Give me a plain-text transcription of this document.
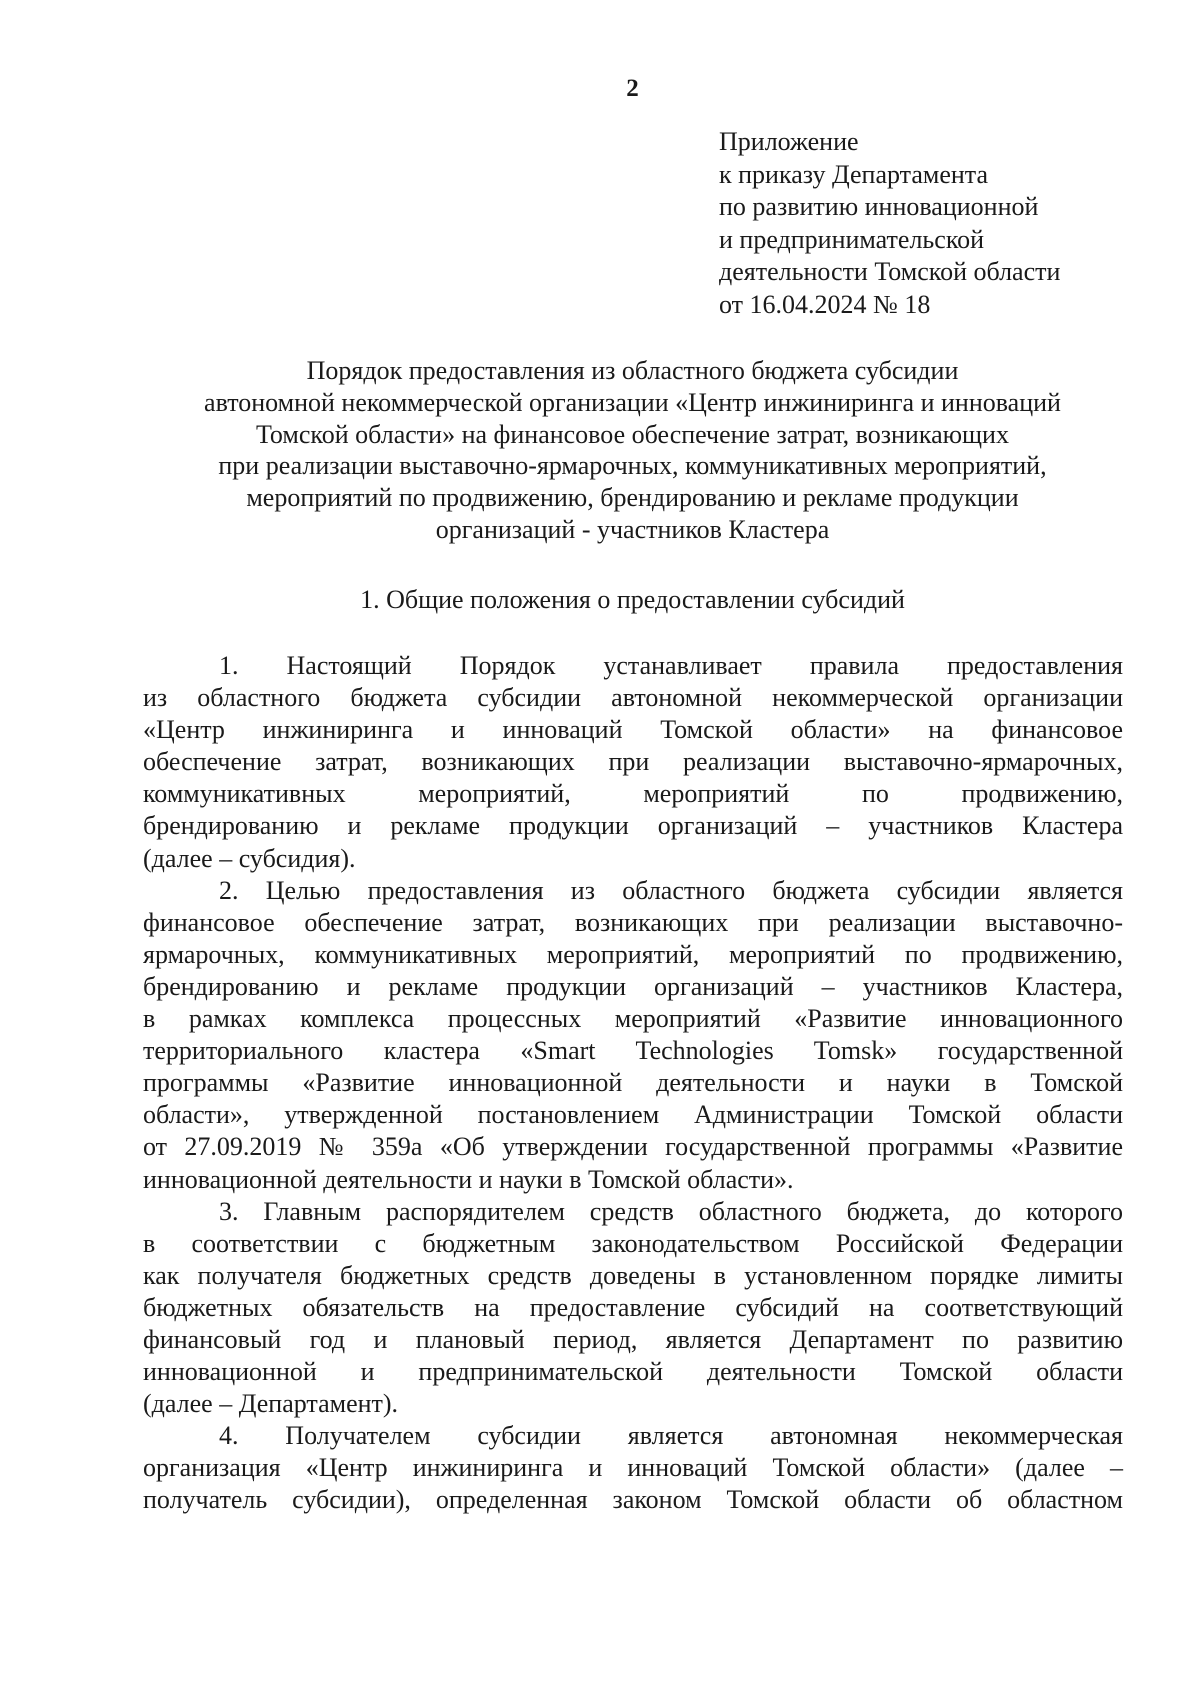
2
Приложение
к приказу Департамента
по развитию инновационной
и предпринимательской
деятельности Томской области
от 16.04.2024 № 18
Порядок предоставления из областного бюджета субсидии
автономной некоммерческой организации «Центр инжиниринга и инноваций
Томской области» на финансовое обеспечение затрат, возникающих
при реализации выставочно-ярмарочных, коммуникативных мероприятий,
мероприятий по продвижению, брендированию и рекламе продукции
организаций - участников Кластера
1. Общие положения о предоставлении субсидий
1. Настоящий Порядок устанавливает правила предоставления
из областного бюджета субсидии автономной некоммерческой организации
«Центр инжиниринга и инноваций Томской области» на финансовое
обеспечение затрат, возникающих при реализации выставочно-ярмарочных,
коммуникативных мероприятий, мероприятий по продвижению,
брендированию и рекламе продукции организаций – участников Кластера
(далее – субсидия).
2. Целью предоставления из областного бюджета субсидии является
финансовое обеспечение затрат, возникающих при реализации выставочно-
ярмарочных, коммуникативных мероприятий, мероприятий по продвижению,
брендированию и рекламе продукции организаций – участников Кластера,
в рамках комплекса процессных мероприятий «Развитие инновационного
территориального кластера «Smart Technologies Tomsk» государственной
программы «Развитие инновационной деятельности и науки в Томской
области», утвержденной постановлением Администрации Томской области
от 27.09.2019 № 359а «Об утверждении государственной программы «Развитие
инновационной деятельности и науки в Томской области».
3. Главным распорядителем средств областного бюджета, до которого
в соответствии с бюджетным законодательством Российской Федерации
как получателя бюджетных средств доведены в установленном порядке лимиты
бюджетных обязательств на предоставление субсидий на соответствующий
финансовый год и плановый период, является Департамент по развитию
инновационной и предпринимательской деятельности Томской области
(далее – Департамент).
4. Получателем субсидии является автономная некоммерческая
организация «Центр инжиниринга и инноваций Томской области» (далее –
получатель субсидии), определенная законом Томской области об областном
